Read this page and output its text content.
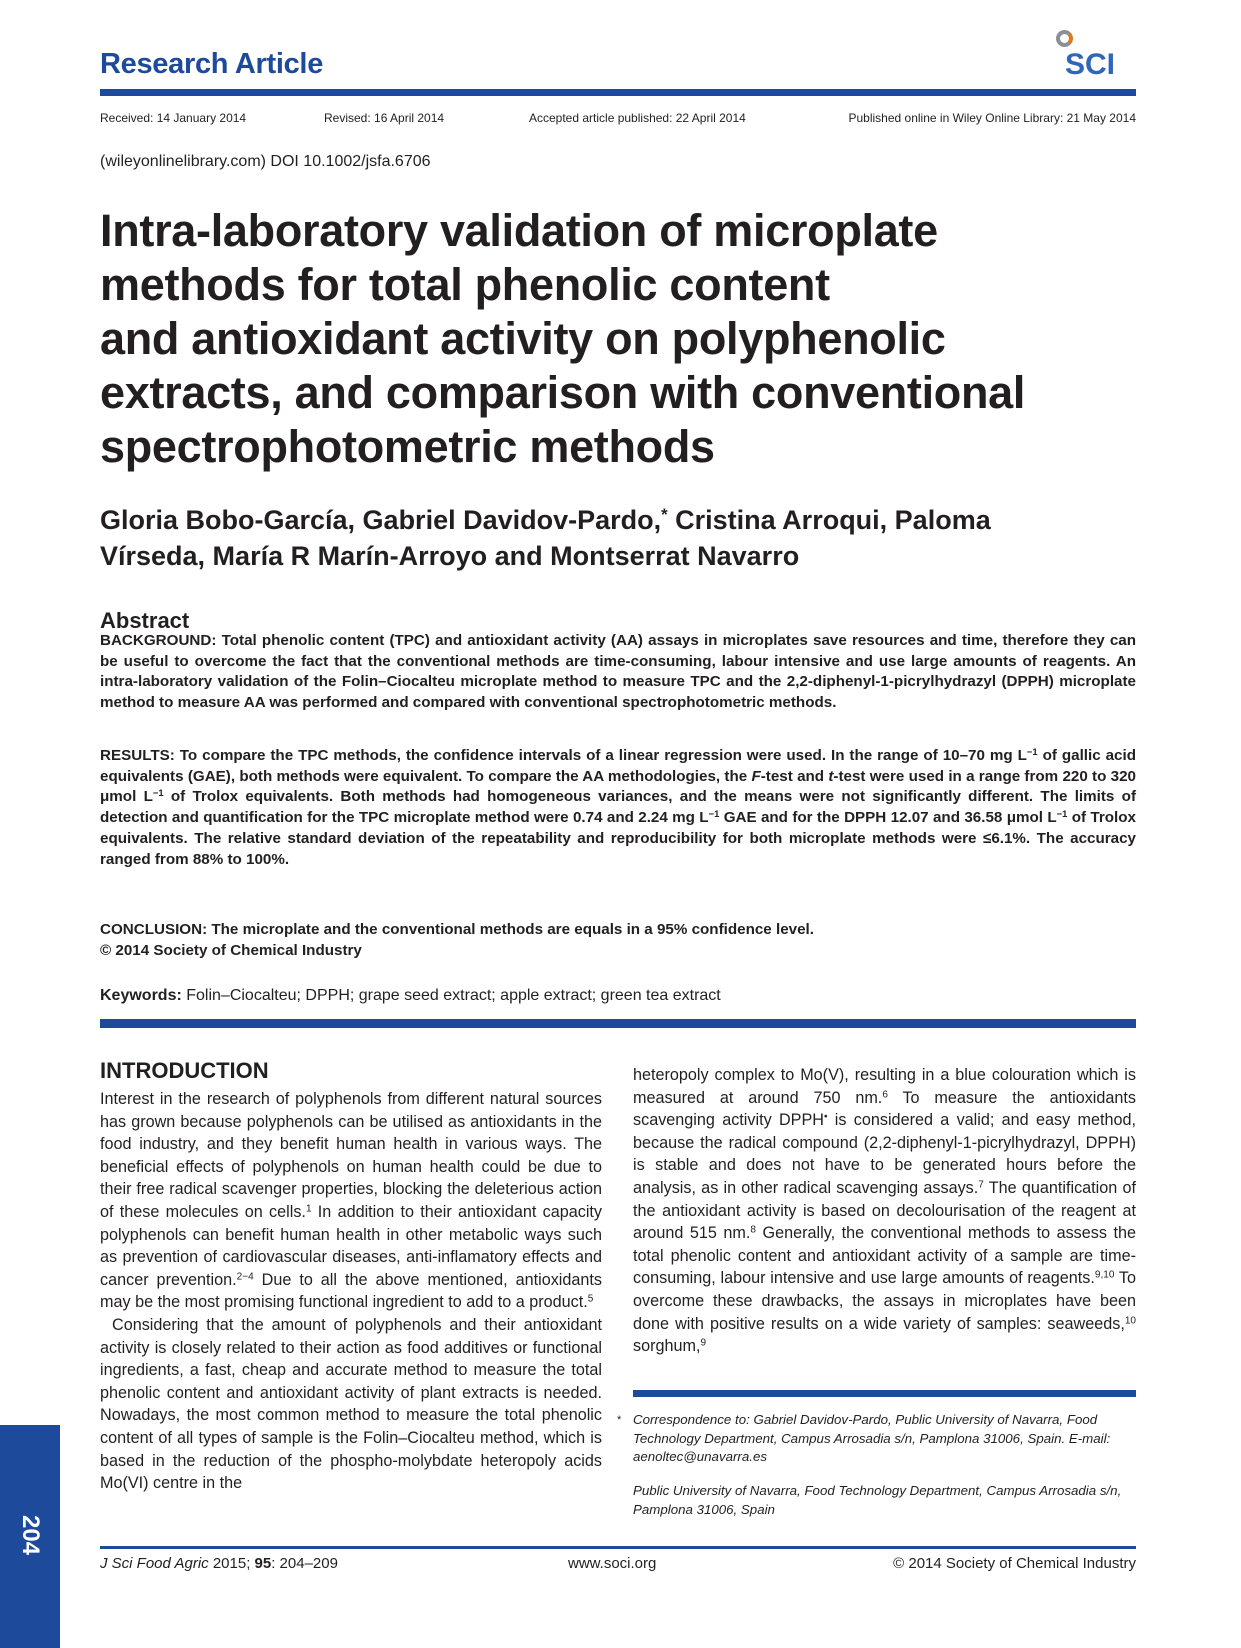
Research Article	SCI
Received: 14 January 2014	Revised: 16 April 2014	Accepted article published: 22 April 2014	Published online in Wiley Online Library: 21 May 2014
(wileyonlinelibrary.com) DOI 10.1002/jsfa.6706
Intra-laboratory validation of microplate
methods for total phenolic content
and antioxidant activity on polyphenolic
extracts, and comparison with conventional
spectrophotometric methods
Gloria Bobo-García, Gabriel Davidov-Pardo,* Cristina Arroqui, Paloma
Vírseda, María R Marín-Arroyo and Montserrat Navarro
Abstract
BACKGROUND: Total phenolic content (TPC) and antioxidant activity (AA) assays in microplates save resources and time, therefore they can be useful to overcome the fact that the conventional methods are time-consuming, labour intensive and use large amounts of reagents. An intra-laboratory validation of the Folin–Ciocalteu microplate method to measure TPC and the 2,2-diphenyl-1-picrylhydrazyl (DPPH) microplate method to measure AA was performed and compared with conventional spectrophotometric methods.
RESULTS: To compare the TPC methods, the confidence intervals of a linear regression were used. In the range of 10–70 mg $L^{-1}$ of gallic acid equivalents (GAE), both methods were equivalent. To compare the AA methodologies, the F-test and t-test were used in a range from 220 to 320 μmol $L^{-1}$ of Trolox equivalents. Both methods had homogeneous variances, and the means were not significantly different. The limits of detection and quantification for the TPC microplate method were 0.74 and 2.24 mg $L^{-1}$ GAE and for the DPPH 12.07 and 36.58 μmol $L^{-1}$ of Trolox equivalents. The relative standard deviation of the repeatability and reproducibility for both microplate methods were ≤6.1%. The accuracy ranged from 88% to 100%.
CONCLUSION: The microplate and the conventional methods are equals in a 95% confidence level.
© 2014 Society of Chemical Industry
Keywords: Folin–Ciocalteu; DPPH; grape seed extract; apple extract; green tea extract
INTRODUCTION

Interest in the research of polyphenols from different natural sources has grown because polyphenols can be utilised as antioxidants in the food industry, and they benefit human health in various ways. The beneficial effects of polyphenols on human health could be due to their free radical scavenger properties, blocking the deleterious action of these molecules on cells.$^1$ In addition to their antioxidant capacity polyphenols can benefit human health in other metabolic ways such as prevention of cardiovascular diseases, anti-inflamatory effects and cancer prevention.$^{2-4}$ Due to all the above mentioned, antioxidants may be the most promising functional ingredient to add to a product.$^5$

Considering that the amount of polyphenols and their antioxidant activity is closely related to their action as food additives or functional ingredients, a fast, cheap and accurate method to measure the total phenolic content and antioxidant activity of plant extracts is needed. Nowadays, the most common method to measure the total phenolic content of all types of sample is the Folin–Ciocalteu method, which is based in the reduction of the phospho-molybdate heteropoly acids Mo(VI) centre in the

heteropoly complex to Mo(V), resulting in a blue colouration which is measured at around 750 nm.$^6$ To measure the antioxidants scavenging activity DPPH• is considered a valid; and easy method, because the radical compound (2,2-diphenyl-1-picrylhydrazyl, DPPH) is stable and does not have to be generated hours before the analysis, as in other radical scavenging assays.$^7$ The quantification of the antioxidant activity is based on decolourisation of the reagent at around 515 nm.$^8$ Generally, the conventional methods to assess the total phenolic content and antioxidant activity of a sample are time-consuming, labour intensive and use large amounts of reagents.$^{9,10}$ To overcome these drawbacks, the assays in microplates have been done with positive results on a wide variety of samples: seaweeds,$^{10}$ sorghum,$^9$

* Correspondence to: Gabriel Davidov-Pardo, Public University of Navarra, Food Technology Department, Campus Arrosadia s/n, Pamplona 31006, Spain. E-mail: aenoltec@unavarra.es
Public University of Navarra, Food Technology Department, Campus Arrosadia s/n, Pamplona 31006, Spain
J Sci Food Agric 2015; 95: 204–209	www.soci.org	© 2014 Society of Chemical Industry
204
